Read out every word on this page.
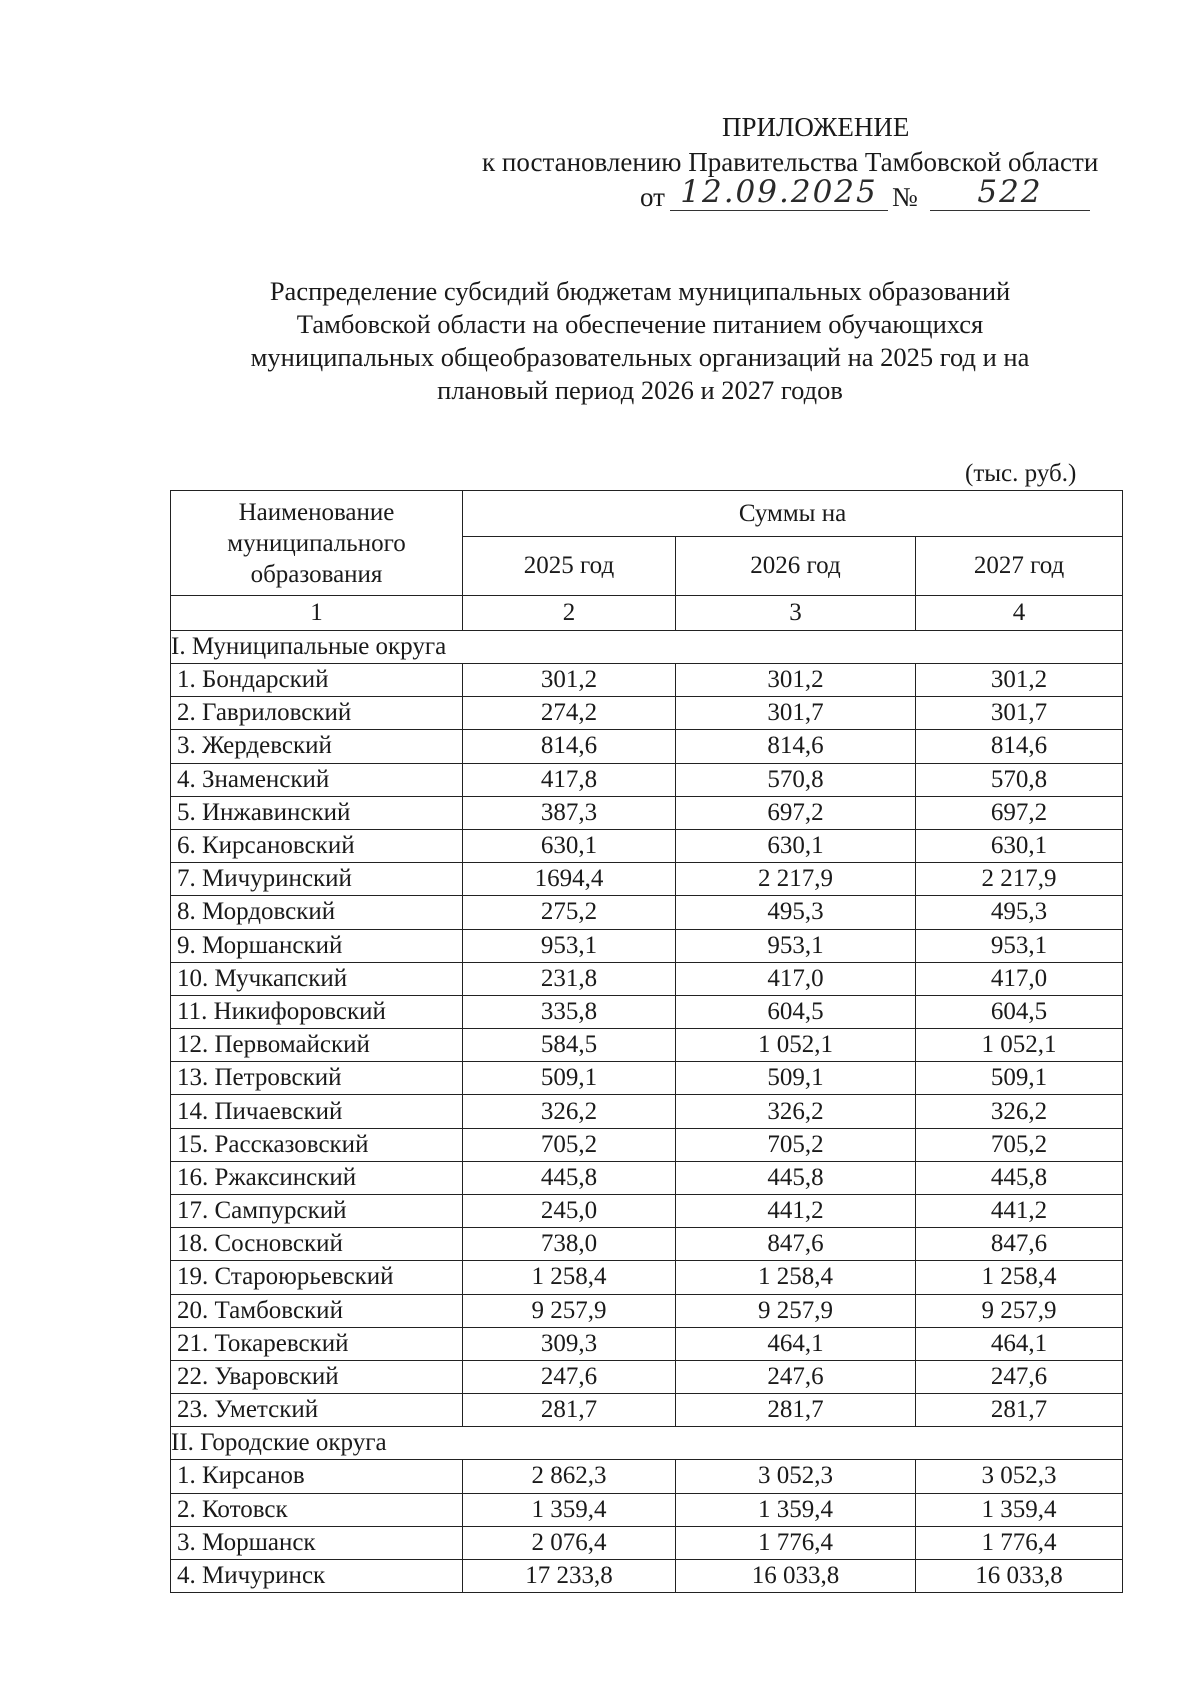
ПРИЛОЖЕНИЕ
к постановлению Правительства Тамбовской области
от 12.09.2025 №	522
Распределение субсидий бюджетам муниципальных образований
Тамбовской области на обеспечение питанием обучающихся
муниципальных общеобразовательных организаций на 2025 год и на
плановый период 2026 и 2027 годов
(тыс. руб.)
Наименование
муниципального
образования	Суммы на		
	2025 год	2026 год	2027 год
1	2	3	4
I. Муниципальные округа			
1. Бондарский	301,2	301,2	301,2
2. Гавриловский	274,2	301,7	301,7
3. Жердевский	814,6	814,6	814,6
4. Знаменский	417,8	570,8	570,8
5. Инжавинский	387,3	697,2	697,2
6. Кирсановский	630,1	630,1	630,1
7. Мичуринский	1694,4	2 217,9	2 217,9
8. Мордовский	275,2	495,3	495,3
9. Моршанский	953,1	953,1	953,1
10. Мучкапский	231,8	417,0	417,0
11. Никифоровский	335,8	604,5	604,5
12. Первомайский	584,5	1 052,1	1 052,1
13. Петровский	509,1	509,1	509,1
14. Пичаевский	326,2	326,2	326,2
15. Рассказовский	705,2	705,2	705,2
16. Ржаксинский	445,8	445,8	445,8
17. Сампурский	245,0	441,2	441,2
18. Сосновский	738,0	847,6	847,6
19. Староюрьевский	1 258,4	1 258,4	1 258,4
20. Тамбовский	9 257,9	9 257,9	9 257,9
21. Токаревский	309,3	464,1	464,1
22. Уваровский	247,6	247,6	247,6
23. Уметский	281,7	281,7	281,7
II. Городские округа			
1. Кирсанов	2 862,3	3 052,3	3 052,3
2. Котовск	1 359,4	1 359,4	1 359,4
3. Моршанск	2 076,4	1 776,4	1 776,4
4. Мичуринск	17 233,8	16 033,8	16 033,8
